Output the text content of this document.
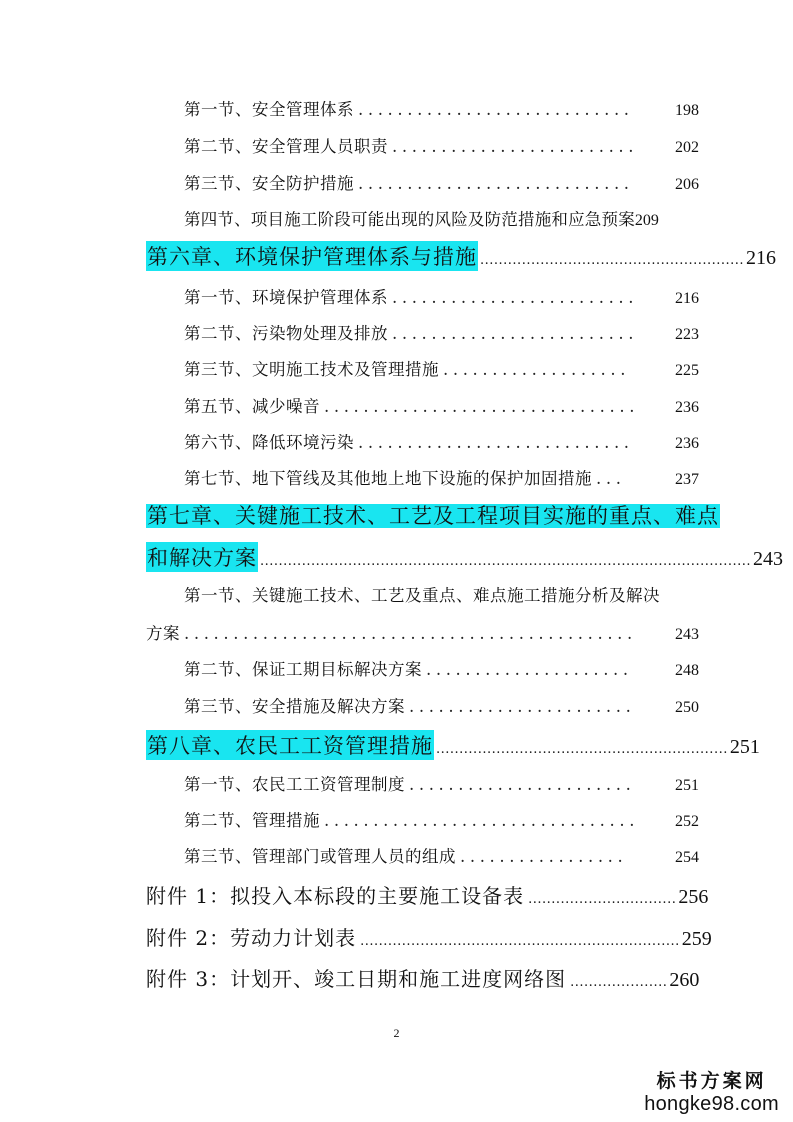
第一节、安全管理体系 ............................	198
第二节、安全管理人员职责 .........................	202
第三节、安全防护措施 ............................	206
第四节、项目施工阶段可能出现的风险及防范措施和应急预案 209
第六章、环境保护管理体系与措施 ......................................................... 216
第一节、环境保护管理体系 .........................	216
第二节、污染物处理及排放 .........................	223
第三节、文明施工技术及管理措施 ...................	225
第五节、减少噪音 ................................	236
第六节、降低环境污染 ............................	236
第七节、地下管线及其他地上地下设施的保护加固措施 ...	237
第七章、关键施工技术、工艺及工程项目实施的重点、难点
和解决方案 .......................................................................................................... 243
第一节、关键施工技术、工艺及重点、难点施工措施分析及解决
方案 ..............................................	243
第二节、保证工期目标解决方案 .....................	248
第三节、安全措施及解决方案 .......................	250
第八章、农民工工资管理措施 ............................................................... 251
第一节、农民工工资管理制度 .......................	251
第二节、管理措施 ................................	252
第三节、管理部门或管理人员的组成 .................	254
附件 1：拟投入本标段的主要施工设备表 ................................ 256
附件 2：劳动力计划表 ..................................................................... 259
附件 3：计划开、竣工日期和施工进度网络图 ..................... 260
2
标书方案网
hongke98.com
